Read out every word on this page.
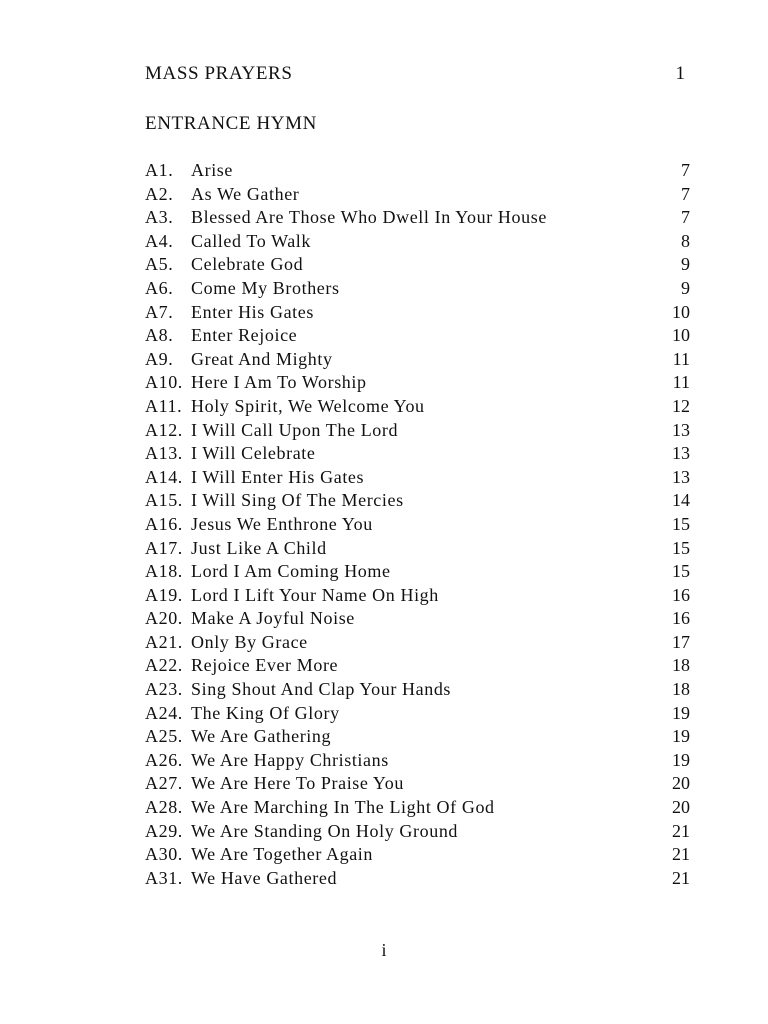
MASS PRAYERS	1
ENTRANCE HYMN
A1. Arise	7
A2. As We Gather	7
A3. Blessed Are Those Who Dwell In Your House	7
A4. Called To Walk	8
A5. Celebrate God	9
A6. Come My Brothers	9
A7. Enter His Gates	10
A8. Enter Rejoice	10
A9. Great And Mighty	11
A10. Here I Am To Worship	11
A11. Holy Spirit, We Welcome You	12
A12. I Will Call Upon The Lord	13
A13. I Will Celebrate	13
A14. I Will Enter His Gates	13
A15. I Will Sing Of The Mercies	14
A16. Jesus We Enthrone You	15
A17. Just Like A Child	15
A18. Lord I Am Coming Home	15
A19. Lord I Lift Your Name On High	16
A20. Make A Joyful Noise	16
A21. Only By Grace	17
A22. Rejoice Ever More	18
A23. Sing Shout And Clap Your Hands	18
A24. The King Of Glory	19
A25. We Are Gathering	19
A26. We Are Happy Christians	19
A27. We Are Here To Praise You	20
A28. We Are Marching In The Light Of God	20
A29. We Are Standing On Holy Ground	21
A30. We Are Together Again	21
A31. We Have Gathered	21
i
